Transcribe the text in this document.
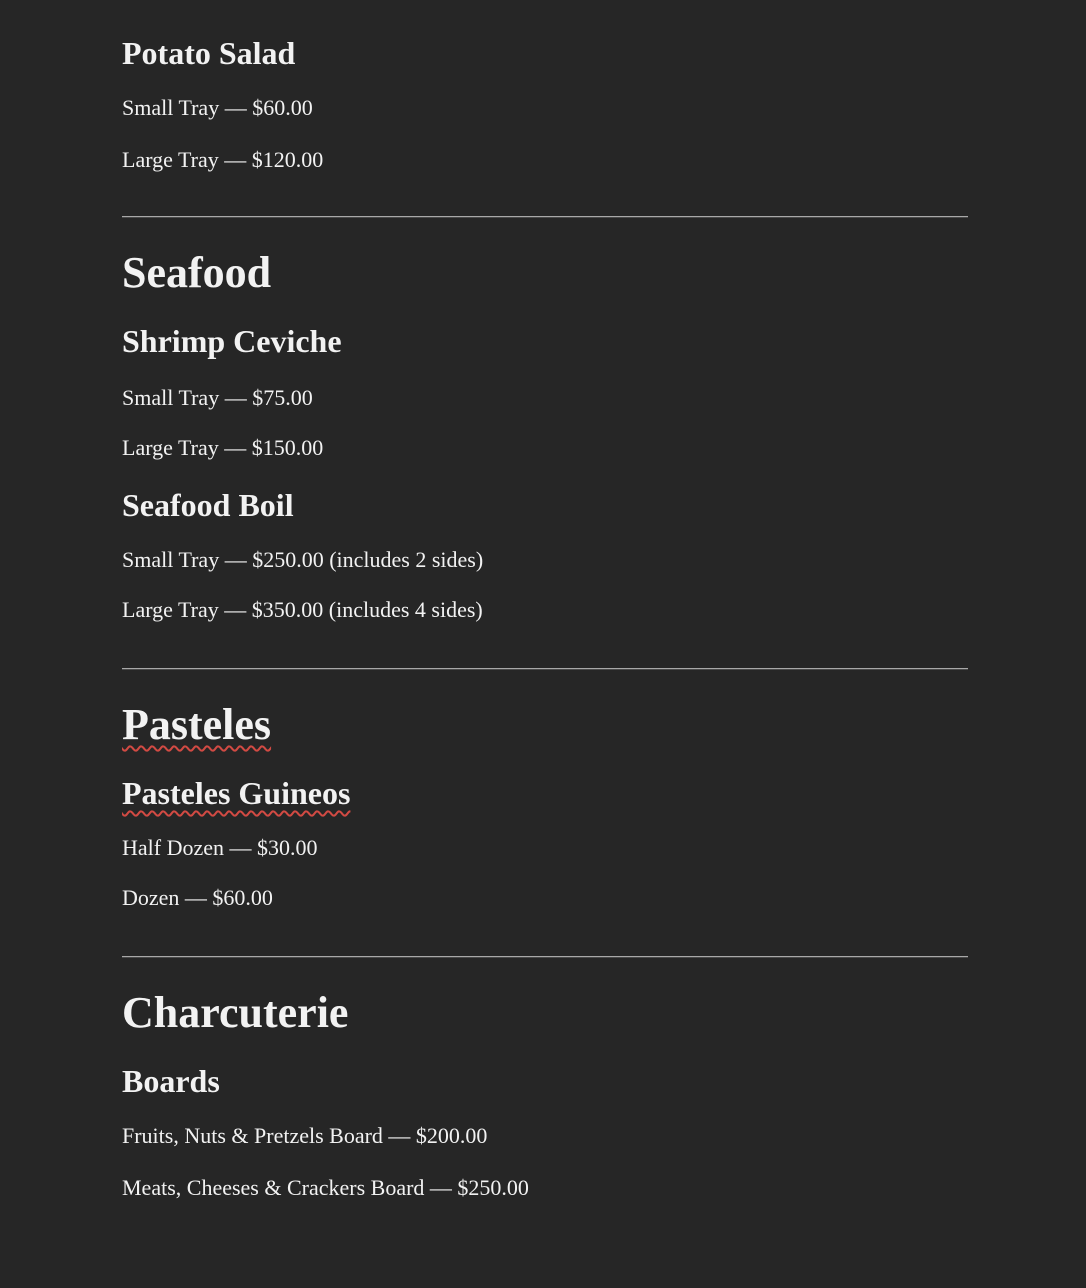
Potato Salad
Small Tray — $60.00
Large Tray — $120.00
Seafood
Shrimp Ceviche
Small Tray — $75.00
Large Tray — $150.00
Seafood Boil
Small Tray — $250.00 (includes 2 sides)
Large Tray — $350.00 (includes 4 sides)
Pasteles
Pasteles Guineos
Half Dozen — $30.00
Dozen — $60.00
Charcuterie
Boards
Fruits, Nuts & Pretzels Board — $200.00
Meats, Cheeses & Crackers Board — $250.00
